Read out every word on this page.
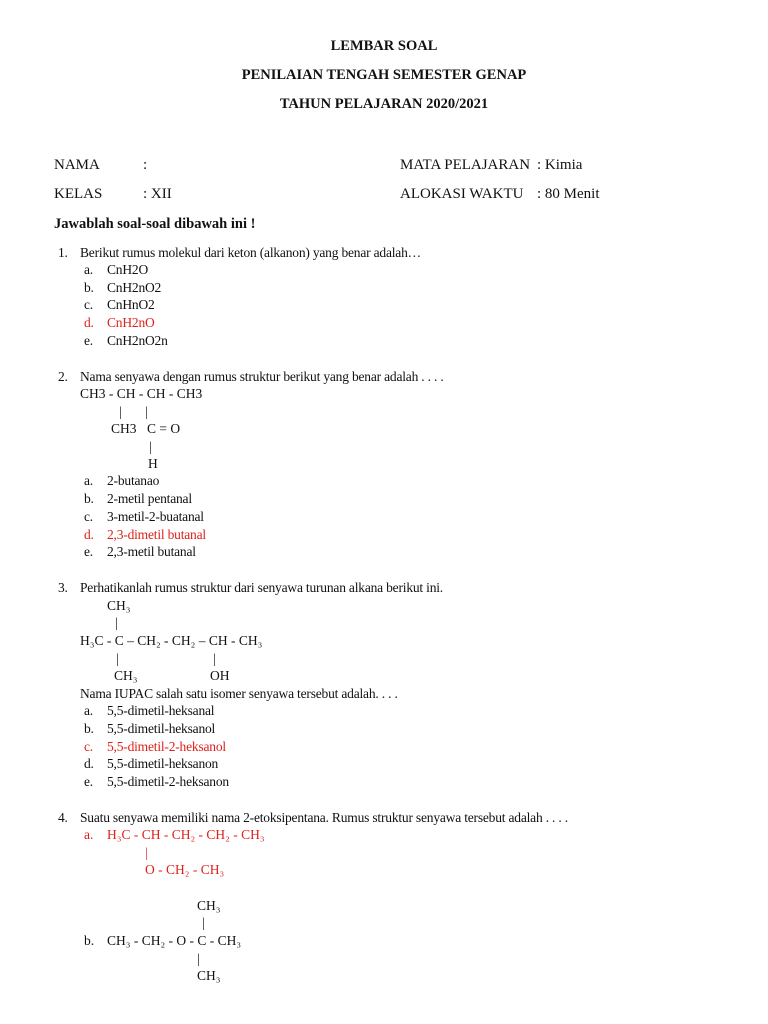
LEMBAR SOAL
PENILAIAN TENGAH SEMESTER GENAP
TAHUN PELAJARAN 2020/2021
NAMA	:	MATA PELAJARAN : Kimia
KELAS	: XII	ALOKASI WAKTU : 80 Menit
Jawablah soal-soal dibawah ini !
1. Berikut rumus molekul dari keton (alkanon) yang benar adalah…
a. CnH2O
b. CnH2nO2
c. CnHnO2
d. CnH2nO
e. CnH2nO2n
2. Nama senyawa dengan rumus struktur berikut yang benar adalah . . . .
CH3 - CH - CH - CH3
| |
CH3 C = O
|
H
a. 2-butanao
b. 2-metil pentanal
c. 3-metil-2-buatanal
d. 2,3-dimetil butanal
e. 2,3-metil butanal
3. Perhatikanlah rumus struktur dari senyawa turunan alkana berikut ini.
CH₃
|
H₃C - C – CH₂ - CH₂ – CH - CH₃
|	|
CH₃	OH
Nama IUPAC salah satu isomer senyawa tersebut adalah. . . .
a. 5,5-dimetil-heksanal
b. 5,5-dimetil-heksanol
c. 5,5-dimetil-2-heksanol
d. 5,5-dimetil-heksanon
e. 5,5-dimetil-2-heksanon
4. Suatu senyawa memiliki nama 2-etoksipentana. Rumus struktur senyawa tersebut adalah . . . .
a. H₃C - CH - CH₂ - CH₂ - CH₃
|
O - CH₂ - CH₃
CH₃
|
b. CH₃ - CH₂ - O - C - CH₃
|
CH₃
